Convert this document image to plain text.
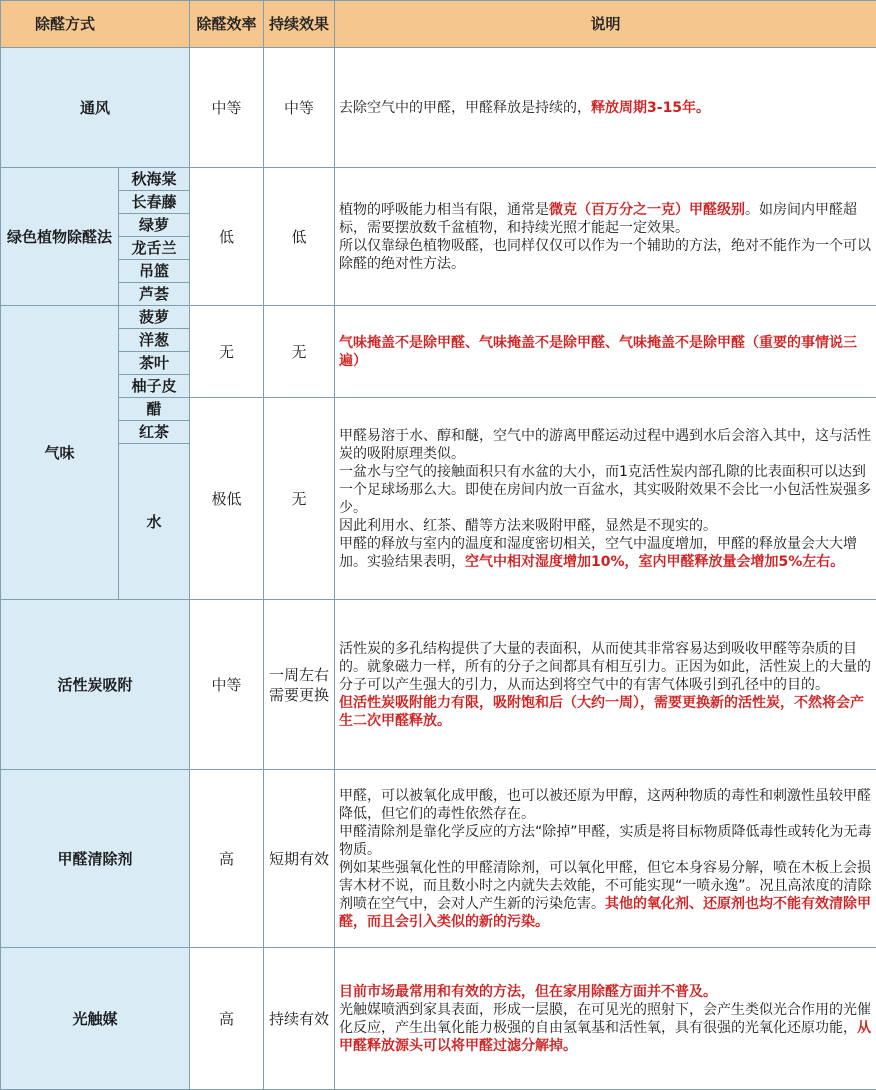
除醛方式		除醛效率	持续效果	说明
通风		中等	中等	去除空气中的甲醛，甲醛释放是持续的，释放周期3-15年。

绿色植物除醛法	秋海棠	低	低	植物的呼吸能力相当有限，通常是微克（百万分之一克）甲醛级别。如房间内甲醛超标，需要摆放数千盆植物，和持续光照才能起一定效果。

所以仅靠绿色植物吸醛，也同样仅仅可以作为一个辅助的方法，绝对不能作为一个可以除醛的绝对性方法。

	长春藤			
	绿萝			
	龙舌兰			
	吊篮			
	芦荟			
气味	菠萝	无	无	气味掩盖不是除甲醛、气味掩盖不是除甲醛、气味掩盖不是除甲醛（重要的事情说三遍）

	洋葱			
	茶叶			
	柚子皮			
	醋	极低	无	甲醛易溶于水、醇和醚，空气中的游离甲醛运动过程中遇到水后会溶入其中，这与活性炭的吸附原理类似。

一盆水与空气的接触面积只有水盆的大小，而1克活性炭内部孔隙的比表面积可以达到一个足球场那么大。即使在房间内放一百盆水，其实吸附效果不会比一小包活性炭强多少。

因此利用水、红茶、醋等方法来吸附甲醛，显然是不现实的。

甲醛的释放与室内的温度和湿度密切相关，空气中温度增加，甲醛的释放量会大大增加。实验结果表明，空气中相对湿度增加10%，室内甲醛释放量会增加5%左右。

	红茶			
	水			
活性炭吸附		中等	一周左右需要更换	活性炭的多孔结构提供了大量的表面积，从而使其非常容易达到吸收甲醛等杂质的目的。就象磁力一样，所有的分子之间都具有相互引力。正因为如此，活性炭上的大量的分子可以产生强大的引力，从而达到将空气中的有害气体吸引到孔径中的目的。

但活性炭吸附能力有限，吸附饱和后（大约一周），需要更换新的活性炭，不然将会产生二次甲醛释放。

甲醛清除剂		高	短期有效	甲醛，可以被氧化成甲酸，也可以被还原为甲醇，这两种物质的毒性和刺激性虽较甲醛降低，但它们的毒性依然存在。

甲醛清除剂是靠化学反应的方法“除掉”甲醛，实质是将目标物质降低毒性或转化为无毒物质。

例如某些强氧化性的甲醛清除剂，可以氧化甲醛，但它本身容易分解，喷在木板上会损害木材不说，而且数小时之内就失去效能，不可能实现“一喷永逸”。况且高浓度的清除剂喷在空气中，会对人产生新的污染危害。其他的氧化剂、还原剂也均不能有效清除甲醛，而且会引入类似的新的污染。

光触媒		高	持续有效	目前市场最常用和有效的方法，但在家用除醛方面并不普及。

光触媒喷洒到家具表面，形成一层膜，在可见光的照射下，会产生类似光合作用的光催化反应，产生出氧化能力极强的自由氢氧基和活性氧，具有很强的光氧化还原功能，从甲醛释放源头可以将甲醛过滤分解掉。
